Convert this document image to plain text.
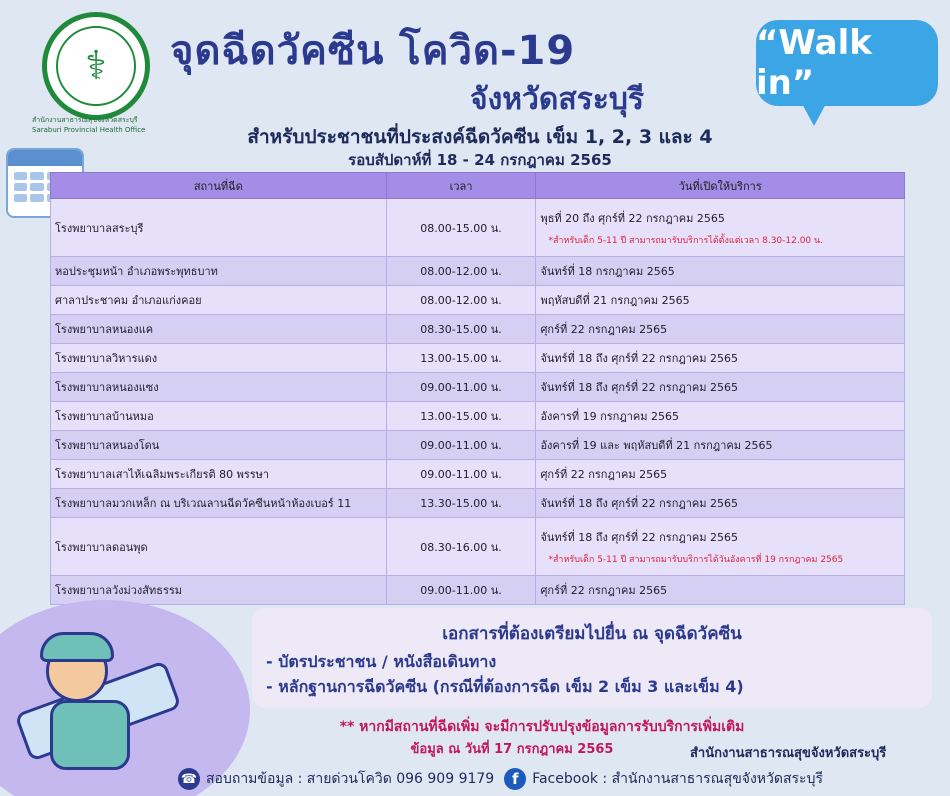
⚕
สำนักงานสาธารณสุขจังหวัดสระบุรี
Saraburi Provincial Health Office
จุดฉีดวัคซีน โควิด-19
จังหวัดสระบุรี
“Walk in”
สำหรับประชาชนที่ประสงค์ฉีดวัคซีน เข็ม 1, 2, 3 และ 4
รอบสัปดาห์ที่ 18 - 24 กรกฎาคม 2565
สถานที่ฉีด	เวลา	วันที่เปิดให้บริการ
โรงพยาบาลสระบุรี	08.00-15.00 น.	พุธที่ 20 ถึง ศุกร์ที่ 22 กรกฎาคม 2565
*สำหรับเด็ก 5-11 ปี สามารถมารับบริการได้ตั้งแต่เวลา 8.30-12.00 น.

หอประชุมหน้า อำเภอพระพุทธบาท	08.00-12.00 น.	จันทร์ที่ 18 กรกฎาคม 2565
ศาลาประชาคม อำเภอแก่งคอย	08.00-12.00 น.	พฤหัสบดีที่ 21 กรกฎาคม 2565
โรงพยาบาลหนองแค	08.30-15.00 น.	ศุกร์ที่ 22 กรกฎาคม 2565
โรงพยาบาลวิหารแดง	13.00-15.00 น.	จันทร์ที่ 18 ถึง ศุกร์ที่ 22 กรกฎาคม 2565
โรงพยาบาลหนองแซง	09.00-11.00 น.	จันทร์ที่ 18 ถึง ศุกร์ที่ 22 กรกฎาคม 2565
โรงพยาบาลบ้านหมอ	13.00-15.00 น.	อังคารที่ 19 กรกฎาคม 2565
โรงพยาบาลหนองโดน	09.00-11.00 น.	อังคารที่ 19 และ พฤหัสบดีที่ 21 กรกฎาคม 2565
โรงพยาบาลเสาไห้เฉลิมพระเกียรติ 80 พรรษา	09.00-11.00 น.	ศุกร์ที่ 22 กรกฎาคม 2565
โรงพยาบาลมวกเหล็ก ณ บริเวณลานฉีดวัคซีนหน้าห้องเบอร์ 11	13.30-15.00 น.	จันทร์ที่ 18 ถึง ศุกร์ที่ 22 กรกฎาคม 2565
โรงพยาบาลดอนพุด	08.30-16.00 น.	จันทร์ที่ 18 ถึง ศุกร์ที่ 22 กรกฎาคม 2565
*สำหรับเด็ก 5-11 ปี สามารถมารับบริการได้วันอังคารที่ 19 กรกฎาคม 2565

โรงพยาบาลวังม่วงสัทธรรม	09.00-11.00 น.	ศุกร์ที่ 22 กรกฎาคม 2565
เอกสารที่ต้องเตรียมไปยื่น ณ จุดฉีดวัคซีน
- บัตรประชาชน / หนังสือเดินทาง
- หลักฐานการฉีดวัคซีน (กรณีที่ต้องการฉีด เข็ม 2 เข็ม 3 และเข็ม 4)
** หากมีสถานที่ฉีดเพิ่ม จะมีการปรับปรุงข้อมูลการรับบริการเพิ่มเติม
ข้อมูล ณ วันที่ 17 กรกฎาคม 2565	สำนักงานสาธารณสุขจังหวัดสระบุรี
☎ สอบถามข้อมูล : สายด่วนโควิด 096 909 9179	f Facebook : สำนักงานสาธารณสุขจังหวัดสระบุรี
